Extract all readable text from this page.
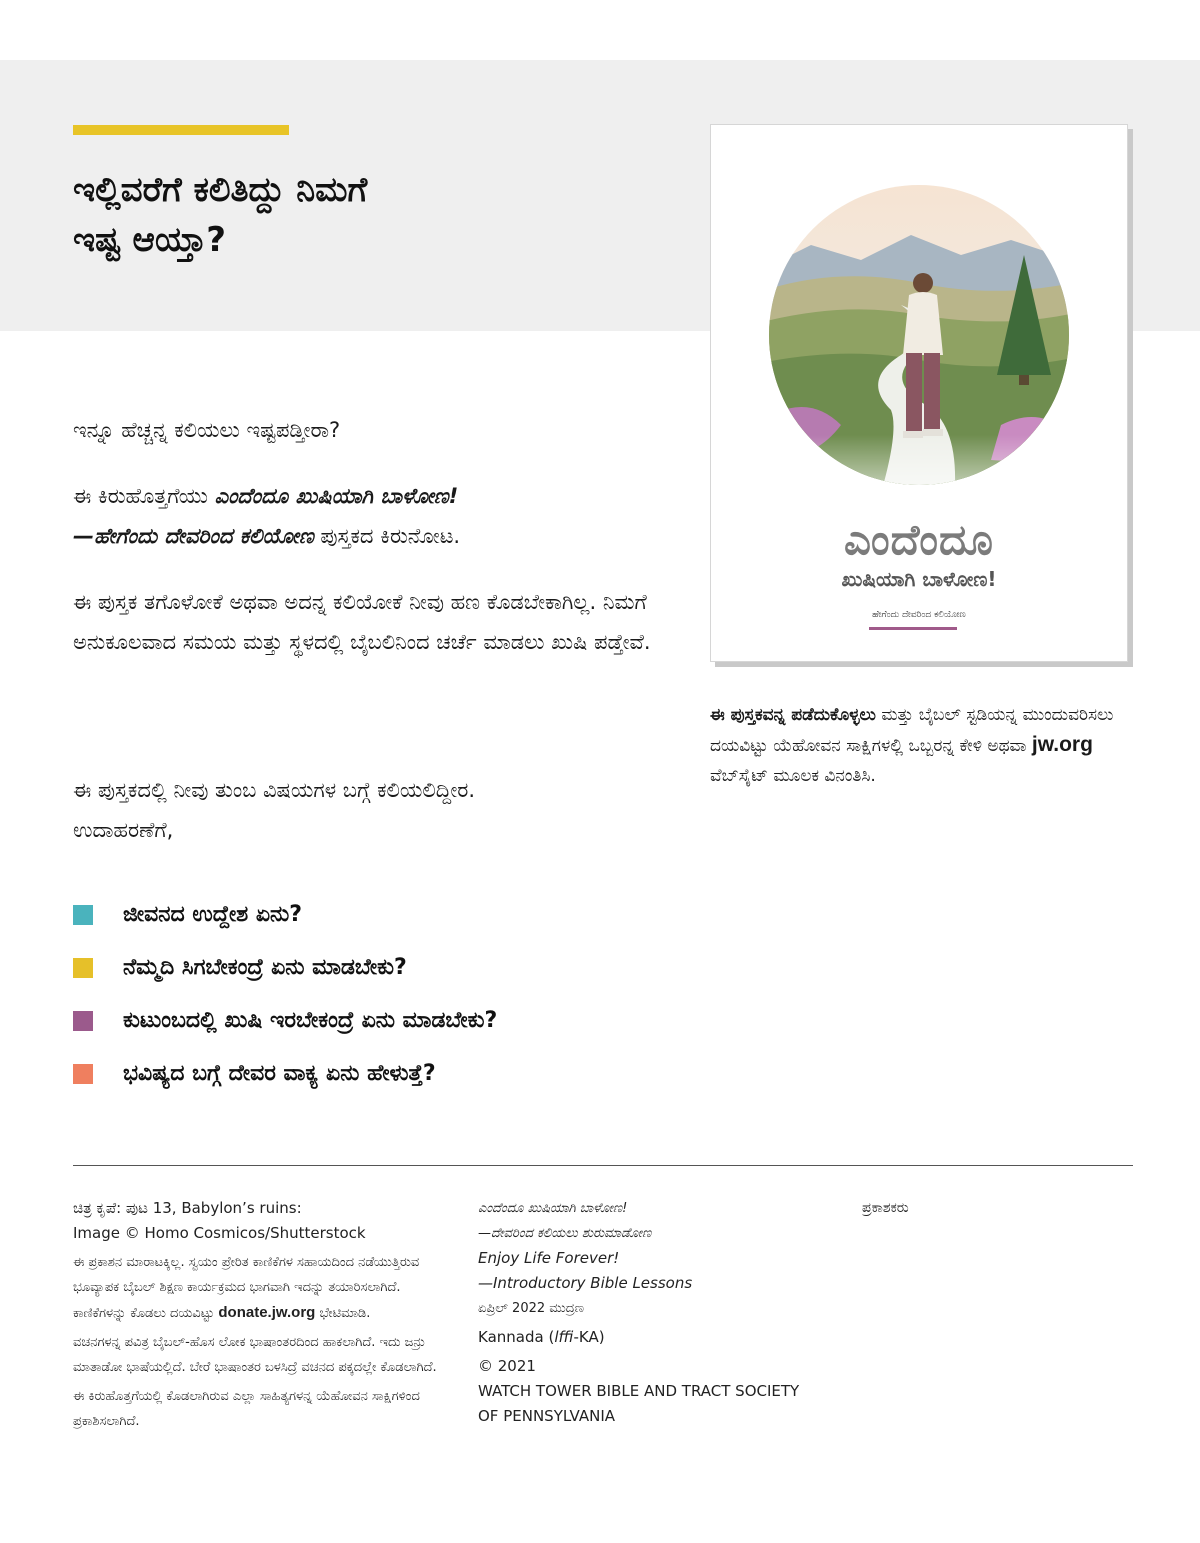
ಇಲ್ಲಿವರೆಗೆ ಕಲಿತಿದ್ದು ನಿಮಗೆ
ಇಷ್ಟ ಆಯ್ತಾ?
ಎಂದೆಂದೂ
ಖುಷಿಯಾಗಿ ಬಾಳೋಣ!
ಹೇಗೆಂದು ದೇವರಿಂದ ಕಲಿಯೋಣ

ಇನ್ನೂ ಹೆಚ್ಚನ್ನ ಕಲಿಯಲು ಇಷ್ಟಪಡ್ತೀರಾ?

ಈ ಕಿರುಹೊತ್ತಗೆಯು ಎಂದೆಂದೂ ಖುಷಿಯಾಗಿ ಬಾಳೋಣ!
—ಹೇಗೆಂದು ದೇವರಿಂದ ಕಲಿಯೋಣ ಪುಸ್ತಕದ ಕಿರುನೋಟ.

ಈ ಪುಸ್ತಕ ತಗೊಳೋಕೆ ಅಥವಾ ಅದನ್ನ ಕಲಿಯೋಕೆ ನೀವು ಹಣ ಕೊಡಬೇಕಾಗಿಲ್ಲ. ನಿಮಗೆ ಅನುಕೂಲವಾದ ಸಮಯ ಮತ್ತು ಸ್ಥಳದಲ್ಲಿ ಬೈಬಲಿನಿಂದ ಚರ್ಚೆ ಮಾಡಲು ಖುಷಿ ಪಡ್ತೇವೆ.

ಈ ಪುಸ್ತಕದಲ್ಲಿ ನೀವು ತುಂಬ ವಿಷಯಗಳ ಬಗ್ಗೆ ಕಲಿಯಲಿದ್ದೀರ. ಉದಾಹರಣೆಗೆ,

ಈ ಪುಸ್ತಕವನ್ನ ಪಡೆದುಕೊಳ್ಳಲು ಮತ್ತು ಬೈಬಲ್ ಸ್ಟಡಿಯನ್ನ ಮುಂದುವರಿಸಲು ದಯವಿಟ್ಟು ಯೆಹೋವನ ಸಾಕ್ಷಿಗಳಲ್ಲಿ ಒಬ್ಬರನ್ನ ಕೇಳಿ ಅಥವಾ jw.org ವೆಬ್‌ಸೈಟ್ ಮೂಲಕ ವಿನಂತಿಸಿ.

ಜೀವನದ ಉದ್ದೇಶ ಏನು?
ನೆಮ್ಮದಿ ಸಿಗಬೇಕಂದ್ರೆ ಏನು ಮಾಡಬೇಕು?
ಕುಟುಂಬದಲ್ಲಿ ಖುಷಿ ಇರಬೇಕಂದ್ರೆ ಏನು ಮಾಡಬೇಕು?
ಭವಿಷ್ಯದ ಬಗ್ಗೆ ದೇವರ ವಾಕ್ಯ ಏನು ಹೇಳುತ್ತೆ?

ಚಿತ್ರ ಕೃಪೆ: ಪುಟ 13, Babylon’s ruins:
Image © Homo Cosmicos/Shutterstock

ಈ ಪ್ರಕಾಶನ ಮಾರಾಟಕ್ಕಿಲ್ಲ. ಸ್ವಯಂ ಪ್ರೇರಿತ ಕಾಣಿಕೆಗಳ ಸಹಾಯದಿಂದ ನಡೆಯುತ್ತಿರುವ ಭೂವ್ಯಾಪಕ ಬೈಬಲ್ ಶಿಕ್ಷಣ ಕಾರ್ಯಕ್ರಮದ ಭಾಗವಾಗಿ ಇದನ್ನು ತಯಾರಿಸಲಾಗಿದೆ. ಕಾಣಿಕೆಗಳನ್ನು ಕೊಡಲು ದಯವಿಟ್ಟು donate.jw.org ಭೇಟಿಮಾಡಿ.

ವಚನಗಳನ್ನ ಪವಿತ್ರ ಬೈಬಲ್-ಹೊಸ ಲೋಕ ಭಾಷಾಂತರದಿಂದ ಹಾಕಲಾಗಿದೆ. ಇದು ಜನ್ರು ಮಾತಾಡೋ ಭಾಷೆಯಲ್ಲಿದೆ. ಬೇರೆ ಭಾಷಾಂತರ ಬಳಸಿದ್ರೆ ವಚನದ ಪಕ್ಕದಲ್ಲೇ ಕೊಡಲಾಗಿದೆ.

ಈ ಕಿರುಹೊತ್ತಗೆಯಲ್ಲಿ ಕೊಡಲಾಗಿರುವ ಎಲ್ಲಾ ಸಾಹಿತ್ಯಗಳನ್ನ ಯೆಹೋವನ ಸಾಕ್ಷಿಗಳಿಂದ ಪ್ರಕಾಶಿಸಲಾಗಿದೆ.

ಎಂದೆಂದೂ ಖುಷಿಯಾಗಿ ಬಾಳೋಣ!
—ದೇವರಿಂದ ಕಲಿಯಲು ಶುರುಮಾಡೋಣ

Enjoy Life Forever!
—Introductory Bible Lessons

ಏಪ್ರಿಲ್ 2022 ಮುದ್ರಣ

Kannada (lffi-KA)

© 2021
WATCH TOWER BIBLE AND TRACT SOCIETY
OF PENNSYLVANIA

ಪ್ರಕಾಶಕರು
